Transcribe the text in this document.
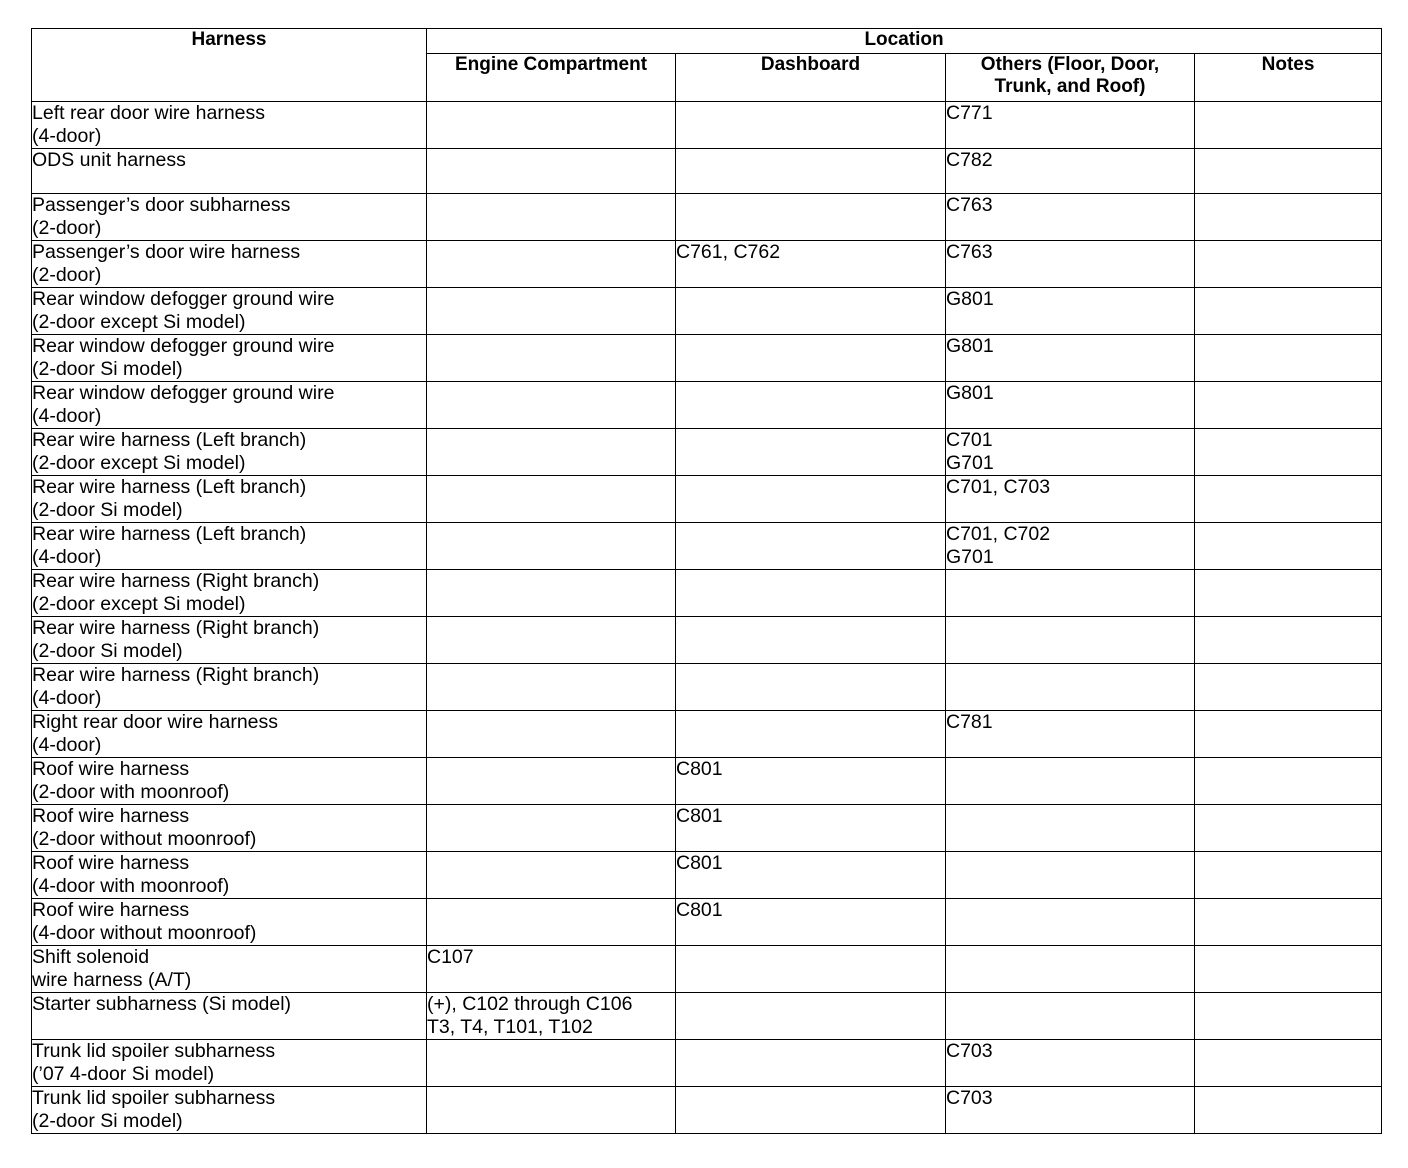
Harness	Location			
	Engine Compartment	Dashboard	Others (Floor, Door, Trunk, and Roof)	Notes

Left rear door wire harness
(4-door)			C771	

ODS unit harness			C782	

Passenger’s door subharness
(2-door)			C763	

Passenger’s door wire harness
(2-door)		C761, C762	C763	

Rear window defogger ground wire
(2-door except Si model)			G801	

Rear window defogger ground wire
(2-door Si model)			G801	

Rear window defogger ground wire
(4-door)			G801	

Rear wire harness (Left branch)
(2-door except Si model)			C701
G701	

Rear wire harness (Left branch)
(2-door Si model)			C701, C703	

Rear wire harness (Left branch)
(4-door)			C701, C702
G701	

Rear wire harness (Right branch)
(2-door except Si model)				

Rear wire harness (Right branch)
(2-door Si model)				

Rear wire harness (Right branch)
(4-door)				

Right rear door wire harness
(4-door)			C781	

Roof wire harness
(2-door with moonroof)		C801		

Roof wire harness
(2-door without moonroof)		C801		

Roof wire harness
(4-door with moonroof)		C801		

Roof wire harness
(4-door without moonroof)		C801		

Shift solenoid
wire harness (A/T)	C107			

Starter subharness (Si model)	(+), C102 through C106
T3, T4, T101, T102			

Trunk lid spoiler subharness
(’07 4-door Si model)			C703	

Trunk lid spoiler subharness
(2-door Si model)			C703	
